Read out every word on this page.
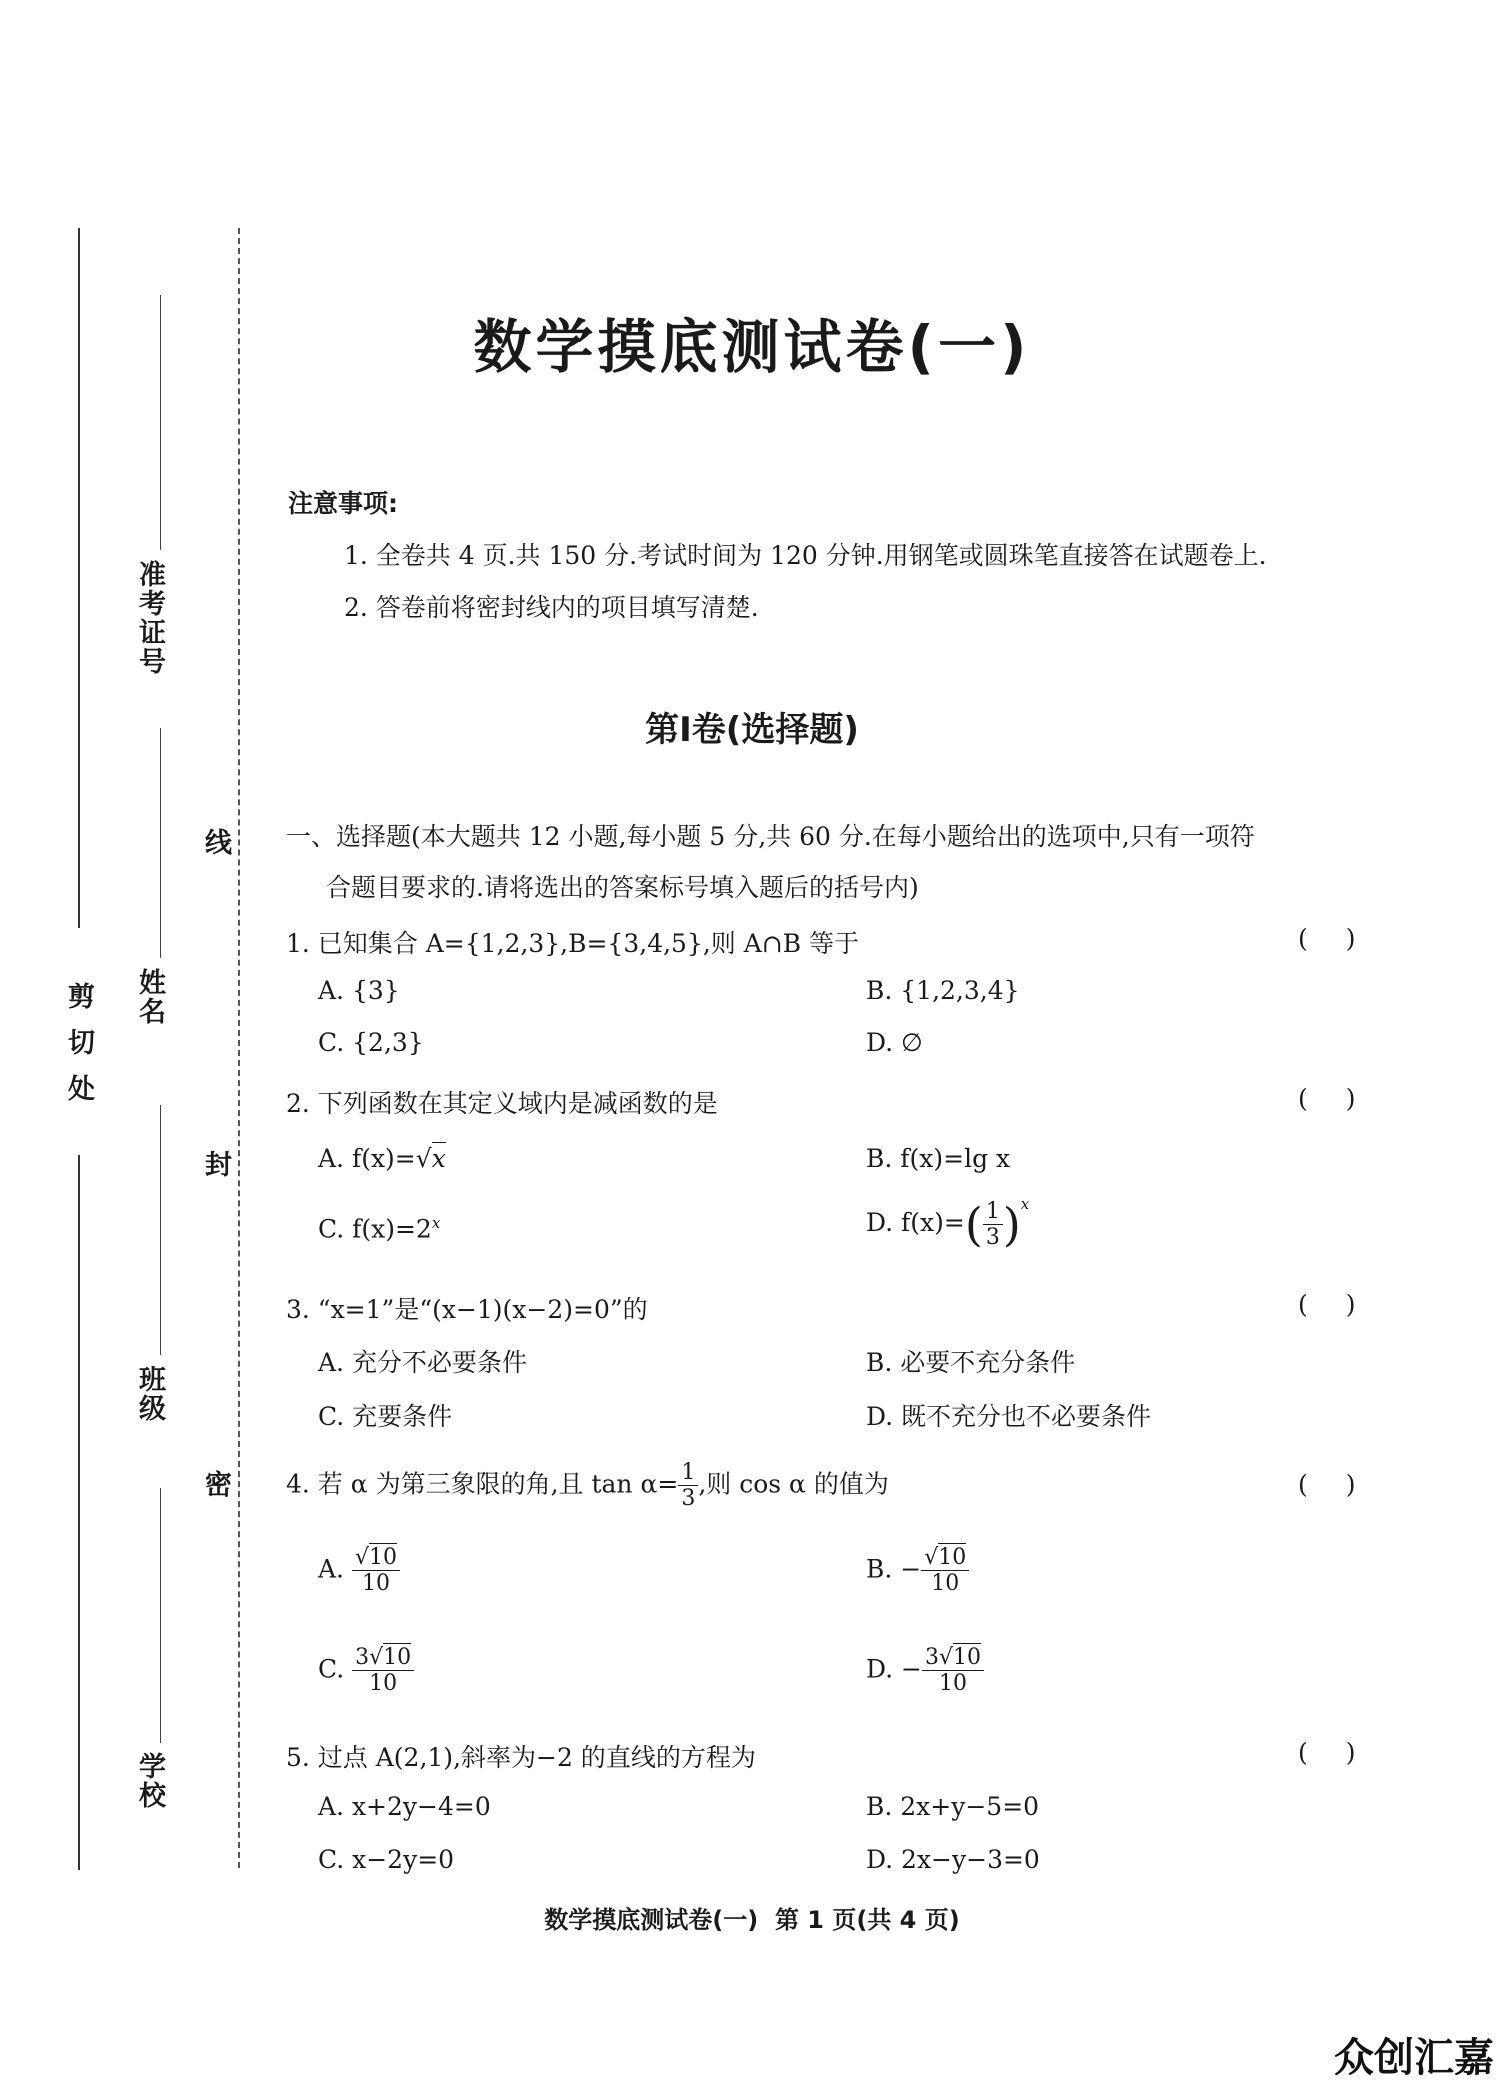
剪
切
处
准考证号
姓名
班级
学校
线
封
密
数学摸底测试卷(一)
注意事项:
1. 全卷共 4 页.共 150 分.考试时间为 120 分钟.用钢笔或圆珠笔直接答在试题卷上.
2. 答卷前将密封线内的项目填写清楚.
第Ⅰ卷(选择题)
一、选择题(本大题共 12 小题,每小题 5 分,共 60 分.在每小题给出的选项中,只有一项符
合题目要求的.请将选出的答案标号填入题后的括号内)
1. 已知集合 A={1,2,3},B={3,4,5},则 A∩B 等于	()
A. {3}	B. {1,2,3,4}
C. {2,3}	D. ∅
2. 下列函数在其定义域内是减函数的是	()
A. f(x)=√x	B. f(x)=lg x
C. $f(x)=2^x$	D. $f(x)=( \frac{1}{3} )^x$
3. “x=1”是“(x−1)(x−2)=0”的	()
A. 充分不必要条件	B. 必要不充分条件
C. 充要条件	D. 既不充分也不必要条件
4. 若 α 为第三象限的角,且 $\tan \alpha= \frac{1}{3}$ ,则 cos α 的值为	()
A. $\frac{√10}{10}$	B. − $\frac{√10}{10}$
C. $\frac{3√10}{10}$	D. − $\frac{3√10}{10}$
5. 过点 A(2,1),斜率为−2 的直线的方程为	()
A. x+2y−4=0	B. 2x+y−5=0
C. x−2y=0	D. 2x−y−3=0
数学摸底测试卷(一)  第 1 页(共 4 页)
众创汇嘉
